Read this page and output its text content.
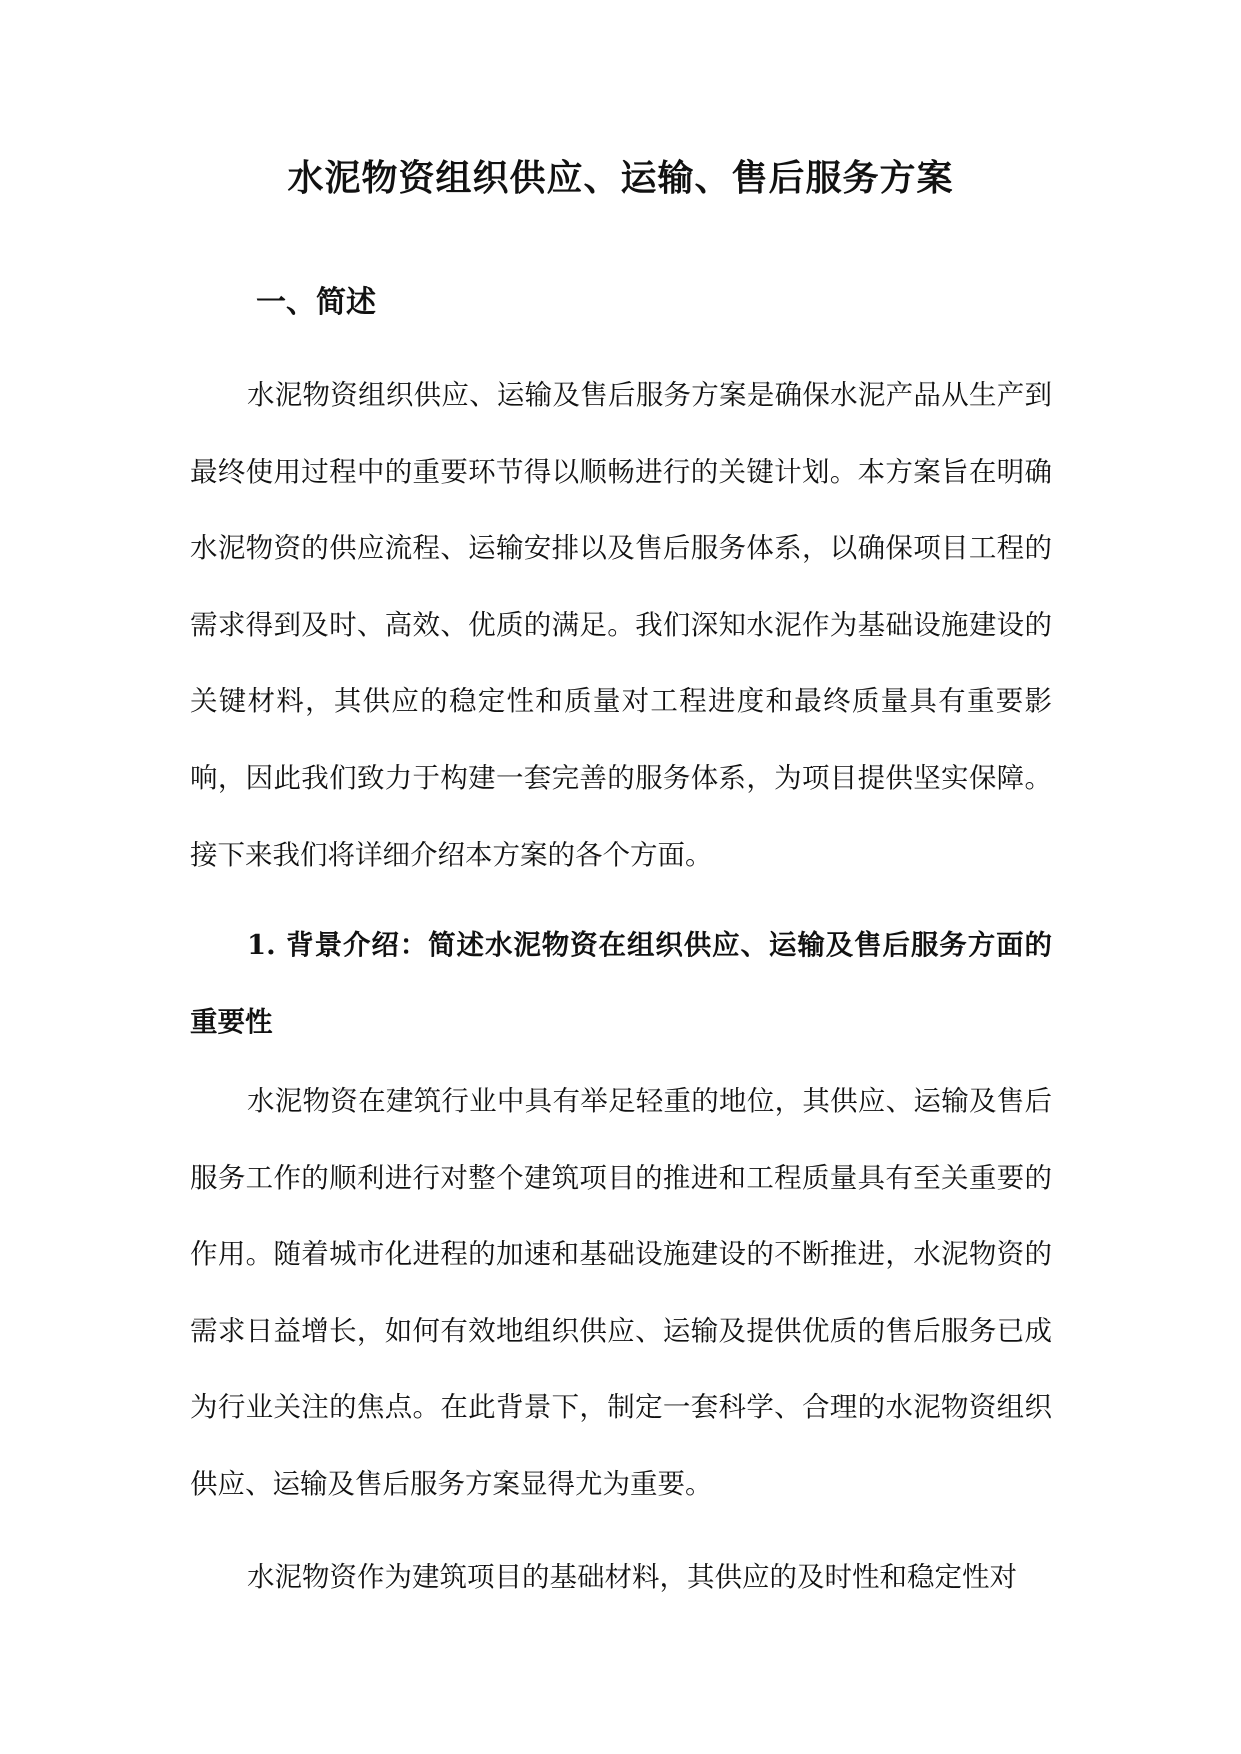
水泥物资组织供应、运输、售后服务方案
一、简述

水泥物资组织供应、运输及售后服务方案是确保水泥产品从生产到最终使用过程中的重要环节得以顺畅进行的关键计划。本方案旨在明确水泥物资的供应流程、运输安排以及售后服务体系，以确保项目工程的需求得到及时、高效、优质的满足。我们深知水泥作为基础设施建设的关键材料，其供应的稳定性和质量对工程进度和最终质量具有重要影响，因此我们致力于构建一套完善的服务体系，为项目提供坚实保障。接下来我们将详细介绍本方案的各个方面。

1. 背景介绍：简述水泥物资在组织供应、运输及售后服务方面的重要性

水泥物资在建筑行业中具有举足轻重的地位，其供应、运输及售后服务工作的顺利进行对整个建筑项目的推进和工程质量具有至关重要的作用。随着城市化进程的加速和基础设施建设的不断推进，水泥物资的需求日益增长，如何有效地组织供应、运输及提供优质的售后服务已成为行业关注的焦点。在此背景下，制定一套科学、合理的水泥物资组织供应、运输及售后服务方案显得尤为重要。

水泥物资作为建筑项目的基础材料，其供应的及时性和稳定性对
